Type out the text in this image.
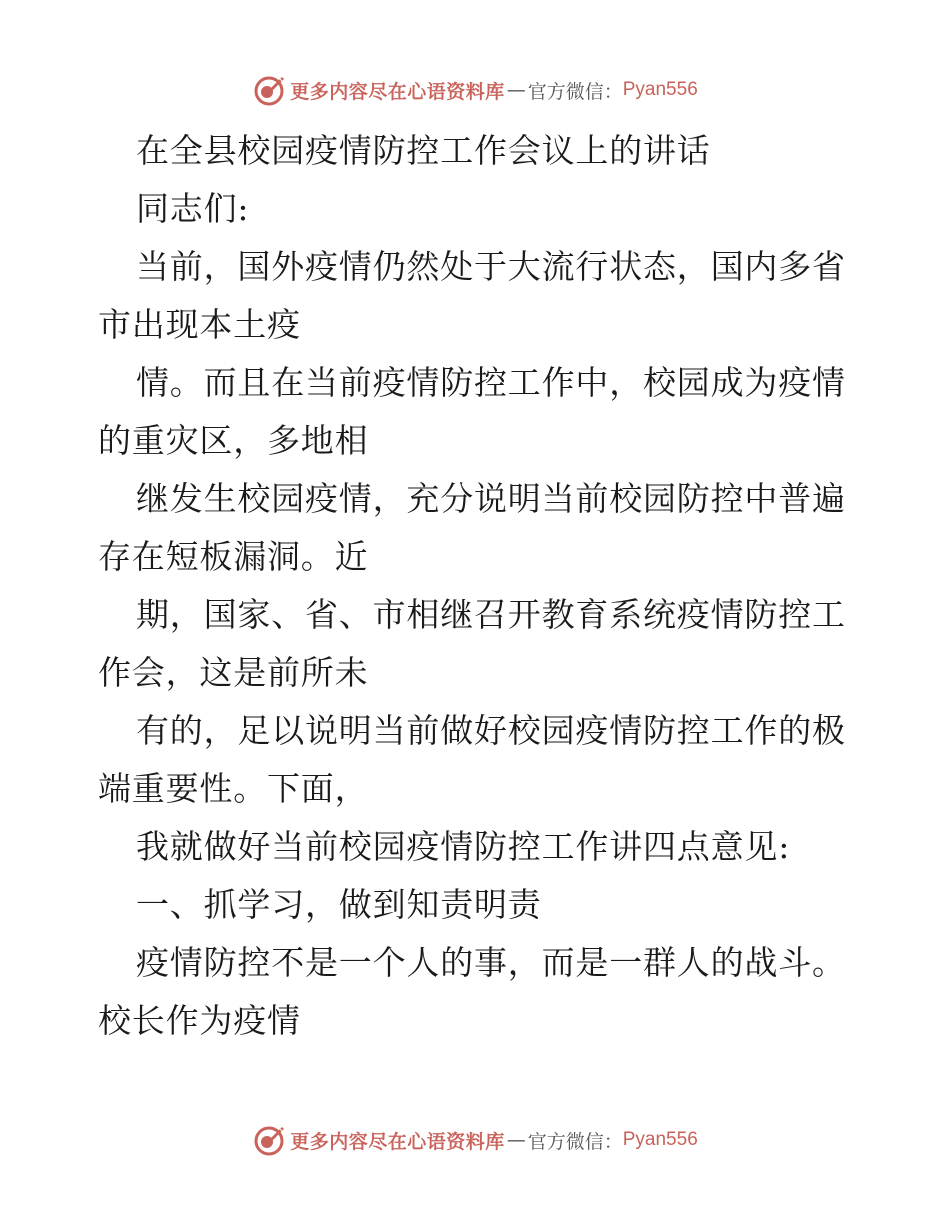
更多内容尽在心语资料库 — 官方微信： Pyan556
在全县校园疫情防控工作会议上的讲话
同志们:
当前，国外疫情仍然处于大流行状态，国内多省
市出现本土疫
情。而且在当前疫情防控工作中，校园成为疫情
的重灾区，多地相
继发生校园疫情，充分说明当前校园防控中普遍
存在短板漏洞。近
期，国家、省、市相继召开教育系统疫情防控工
作会，这是前所未
有的，足以说明当前做好校园疫情防控工作的极
端重要性。下面，
我就做好当前校园疫情防控工作讲四点意见:
一、抓学习，做到知责明责
疫情防控不是一个人的事，而是一群人的战斗。
校长作为疫情
更多内容尽在心语资料库 — 官方微信： Pyan556
